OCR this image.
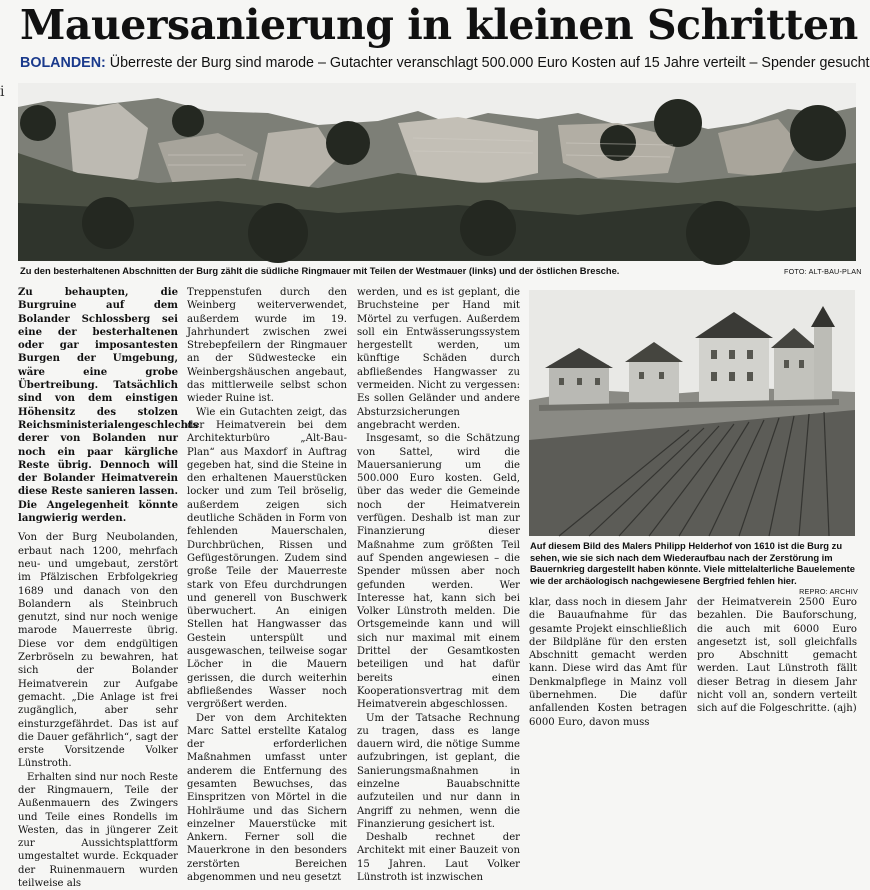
i
Mauersanierung in kleinen Schritten
BOLANDEN: Überreste der Burg sind marode – Gutachter veranschlagt 500.000 Euro Kosten auf 15 Jahre verteilt – Spender gesucht
Zu den besterhaltenen Abschnitten der Burg zählt die südliche Ringmauer mit Teilen der Westmauer (links) und der östlichen Bresche.	FOTO: ALT-BAU-PLAN

Zu behaupten, die Burgruine auf dem Bolander Schlossberg sei eine der besterhaltenen oder gar imposantesten Burgen der Umgebung, wäre eine grobe Übertreibung. Tatsächlich sind von dem einstigen Höhensitz des stolzen Reichsministerialengeschlechts derer von Bolanden nur noch ein paar kärgliche Reste übrig. Dennoch will der Bolander Heimatverein diese Reste sanieren lassen. Die Angelegenheit könnte langwierig werden.

Von der Burg Neubolanden, erbaut nach 1200, mehrfach neu- und umgebaut, zerstört im Pfälzischen Erbfolgekrieg 1689 und danach von den Bolandern als Steinbruch genutzt, sind nur noch wenige marode Mauerreste übrig. Diese vor dem endgültigen Zerbröseln zu bewahren, hat sich der Bolander Heimatverein zur Aufgabe gemacht. „Die Anlage ist frei zugänglich, aber sehr einsturzgefährdet. Das ist auf die Dauer gefährlich“, sagt der erste Vorsitzende Volker Lünstroth.

Erhalten sind nur noch Reste der Ringmauern, Teile der Außenmauern des Zwingers und Teile eines Rondells im Westen, das in jüngerer Zeit zur Aussichtsplattform umgestaltet wurde. Eckquader der Ruinenmauern wurden teilweise als

Treppenstufen durch den Weinberg weiterverwendet, außerdem wurde im 19. Jahrhundert zwischen zwei Strebepfeilern der Ringmauer an der Südwestecke ein Weinbergshäuschen angebaut, das mittlerweile selbst schon wieder Ruine ist.

Wie ein Gutachten zeigt, das der Heimatverein bei dem Architekturbüro „Alt-Bau-Plan“ aus Maxdorf in Auftrag gegeben hat, sind die Steine in den erhaltenen Mauerstücken locker und zum Teil bröselig, außerdem zeigen sich deutliche Schäden in Form von fehlenden Mauerschalen, Durchbrüchen, Rissen und Gefügestörungen. Zudem sind große Teile der Mauerreste stark von Efeu durchdrungen und generell von Buschwerk überwuchert. An einigen Stellen hat Hangwasser das Gestein unterspült und ausgewaschen, teilweise sogar Löcher in die Mauern gerissen, die durch weiterhin abfließendes Wasser noch vergrößert werden.

Der von dem Architekten Marc Sattel erstellte Katalog der erforderlichen Maßnahmen umfasst unter anderem die Entfernung des gesamten Bewuchses, das Einspritzen von Mörtel in die Hohlräume und das Sichern einzelner Mauerstücke mit Ankern. Ferner soll die Mauerkrone in den besonders zerstörten Bereichen abgenommen und neu gesetzt

werden, und es ist geplant, die Bruchsteine per Hand mit Mörtel zu verfugen. Außerdem soll ein Entwässerungssystem hergestellt werden, um künftige Schäden durch abfließendes Hangwasser zu vermeiden. Nicht zu vergessen: Es sollen Geländer und andere Absturzsicherungen angebracht werden.

Insgesamt, so die Schätzung von Sattel, wird die Mauersanierung um die 500.000 Euro kosten. Geld, über das weder die Gemeinde noch der Heimatverein verfügen. Deshalb ist man zur Finanzierung dieser Maßnahme zum größten Teil auf Spenden angewiesen – die Spender müssen aber noch gefunden werden. Wer Interesse hat, kann sich bei Volker Lünstroth melden. Die Ortsgemeinde kann und will sich nur maximal mit einem Drittel der Gesamtkosten beteiligen und hat dafür bereits einen Kooperationsvertrag mit dem Heimatverein abgeschlossen.

Um der Tatsache Rechnung zu tragen, dass es lange dauern wird, die nötige Summe aufzubringen, ist geplant, die Sanierungsmaßnahmen in einzelne Bauabschnitte aufzuteilen und nur dann in Angriff zu nehmen, wenn die Finanzierung gesichert ist.

Deshalb rechnet der Architekt mit einer Bauzeit von 15 Jahren. Laut Volker Lünstroth ist inzwischen

Auf diesem Bild des Malers Philipp Helderhof von 1610 ist die Burg zu sehen, wie sie sich nach dem Wiederaufbau nach der Zerstörung im Bauernkrieg dargestellt haben könnte. Viele mittelalterliche Bauelemente wie der archäologisch nachgewiesene Bergfried fehlen hier.
REPRO: ARCHIV

klar, dass noch in diesem Jahr die Bauaufnahme für das gesamte Projekt einschließlich der Bildpläne für den ersten Abschnitt gemacht werden kann. Diese wird das Amt für Denkmalpflege in Mainz voll übernehmen. Die dafür anfallenden Kosten betragen 6000 Euro, davon muss

der Heimatverein 2500 Euro bezahlen. Die Bauforschung, die auch mit 6000 Euro angesetzt ist, soll gleichfalls pro Abschnitt gemacht werden. Laut Lünstroth fällt dieser Betrag in diesem Jahr nicht voll an, sondern verteilt sich auf die Folgeschritte. (ajh)
